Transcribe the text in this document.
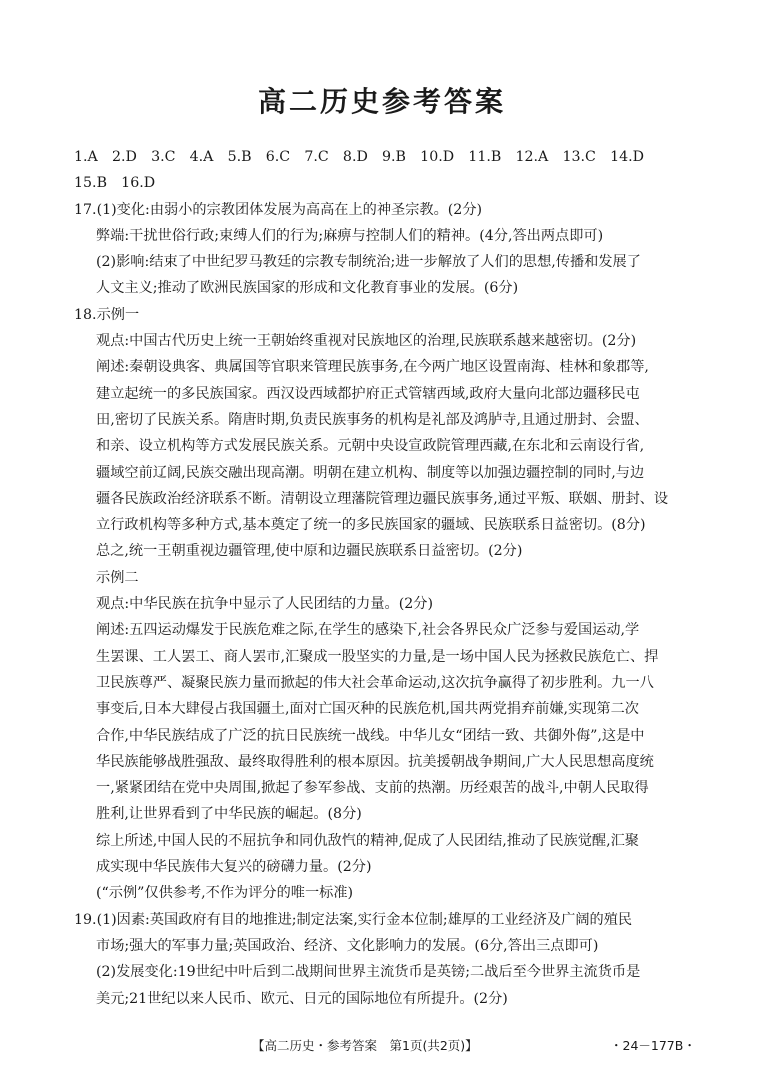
高二历史参考答案
1.A　2.D　3.C　4.A　5.B　6.C　7.C　8.D　9.B　10.D　11.B　12.A　13.C　14.D
15.B　16.D
17.(1)变化:由弱小的宗教团体发展为高高在上的神圣宗教。(2分)
弊端:干扰世俗行政;束缚人们的行为;麻痹与控制人们的精神。(4分,答出两点即可)
(2)影响:结束了中世纪罗马教廷的宗教专制统治;进一步解放了人们的思想,传播和发展了
人文主义;推动了欧洲民族国家的形成和文化教育事业的发展。(6分)
18.示例一
观点:中国古代历史上统一王朝始终重视对民族地区的治理,民族联系越来越密切。(2分)
阐述:秦朝设典客、典属国等官职来管理民族事务,在今两广地区设置南海、桂林和象郡等,
建立起统一的多民族国家。西汉设西域都护府正式管辖西域,政府大量向北部边疆移民屯
田,密切了民族关系。隋唐时期,负责民族事务的机构是礼部及鸿胪寺,且通过册封、会盟、
和亲、设立机构等方式发展民族关系。元朝中央设宣政院管理西藏,在东北和云南设行省,
疆域空前辽阔,民族交融出现高潮。明朝在建立机构、制度等以加强边疆控制的同时,与边
疆各民族政治经济联系不断。清朝设立理藩院管理边疆民族事务,通过平叛、联姻、册封、设
立行政机构等多种方式,基本奠定了统一的多民族国家的疆域、民族联系日益密切。(8分)
总之,统一王朝重视边疆管理,使中原和边疆民族联系日益密切。(2分)
示例二
观点:中华民族在抗争中显示了人民团结的力量。(2分)
阐述:五四运动爆发于民族危难之际,在学生的感染下,社会各界民众广泛参与爱国运动,学
生罢课、工人罢工、商人罢市,汇聚成一股坚实的力量,是一场中国人民为拯救民族危亡、捍
卫民族尊严、凝聚民族力量而掀起的伟大社会革命运动,这次抗争赢得了初步胜利。九一八
事变后,日本大肆侵占我国疆土,面对亡国灭种的民族危机,国共两党捐弃前嫌,实现第二次
合作,中华民族结成了广泛的抗日民族统一战线。中华儿女“团结一致、共御外侮”,这是中
华民族能够战胜强敌、最终取得胜利的根本原因。抗美援朝战争期间,广大人民思想高度统
一,紧紧团结在党中央周围,掀起了参军参战、支前的热潮。历经艰苦的战斗,中朝人民取得
胜利,让世界看到了中华民族的崛起。(8分)
综上所述,中国人民的不屈抗争和同仇敌忾的精神,促成了人民团结,推动了民族觉醒,汇聚
成实现中华民族伟大复兴的磅礴力量。(2分)
(“示例”仅供参考,不作为评分的唯一标准)
19.(1)因素:英国政府有目的地推进;制定法案,实行金本位制;雄厚的工业经济及广阔的殖民
市场;强大的军事力量;英国政治、经济、文化影响力的发展。(6分,答出三点即可)
(2)发展变化:19世纪中叶后到二战期间世界主流货币是英镑;二战后至今世界主流货币是
美元;21世纪以来人民币、欧元、日元的国际地位有所提升。(2分)
【高二历史・参考答案　第1页(共2页)】	・24－177B・
